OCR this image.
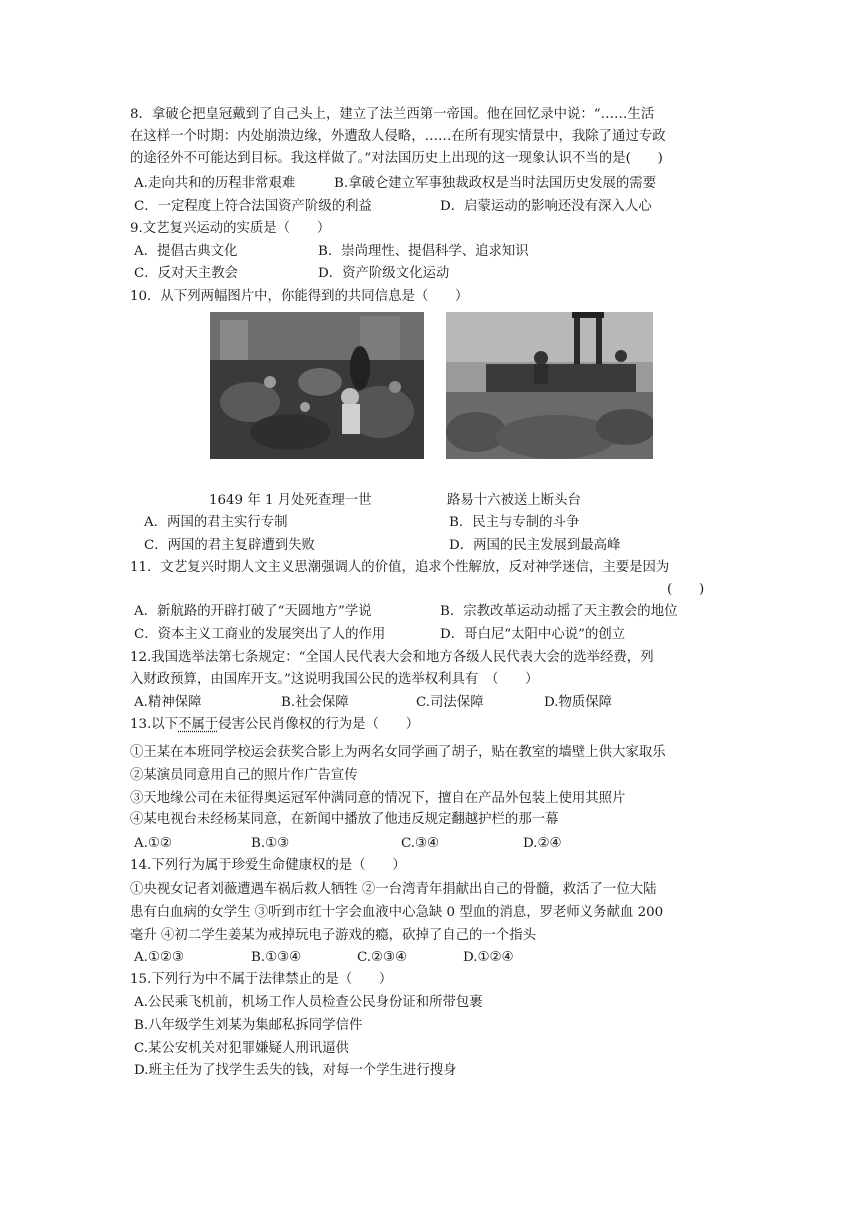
8．拿破仑把皇冠戴到了自己头上，建立了法兰西第一帝国。他在回忆录中说：“……生活
在这样一个时期：内处崩溃边缘，外遭敌人侵略，……在所有现实情景中，我除了通过专政
的途径外不可能达到目标。我这样做了。”对法国历史上出现的这一现象认识不当的是(　　)
A.走向共和的历程非常艰难	B.拿破仑建立军事独裁政权是当时法国历史发展的需要
C．一定程度上符合法国资产阶级的利益	D．启蒙运动的影响还没有深入人心
9.文艺复兴运动的实质是（　　）
A．提倡古典文化	B．崇尚理性、提倡科学、追求知识
C．反对天主教会	D．资产阶级文化运动
10．从下列两幅图片中，你能得到的共同信息是（　　）
1649 年 1 月处死查理一世	路易十六被送上断头台
A．两国的君主实行专制	B．民主与专制的斗争
C．两国的君主复辟遭到失败	D．两国的民主发展到最高峰
11．文艺复兴时期人文主义思潮强调人的价值，追求个性解放，反对神学迷信，主要是因为
(　　)
A．新航路的开辟打破了“天圆地方”学说	B．宗教改革运动动摇了天主教会的地位
C．资本主义工商业的发展突出了人的作用	D．哥白尼“太阳中心说”的创立
12.我国选举法第七条规定：“全国人民代表大会和地方各级人民代表大会的选举经费，列
入财政预算，由国库开支。”这说明我国公民的选举权利具有　（　　）
A.精神保障	B.社会保障	C.司法保障	D.物质保障
13.以下不属于侵害公民肖像权的行为是（　　）
①王某在本班同学校运会获奖合影上为两名女同学画了胡子，贴在教室的墙壁上供大家取乐
②某演员同意用自己的照片作广告宣传
③天地缘公司在未征得奥运冠军仲满同意的情况下，擅自在产品外包装上使用其照片
④某电视台未经杨某同意，在新闻中播放了他违反规定翻越护栏的那一幕
A.①②	B.①③	C.③④	D.②④
14.下列行为属于珍爱生命健康权的是（　　）
①央视女记者刘薇遭遇车祸后救人牺牲 ②一台湾青年捐献出自己的骨髓，救活了一位大陆
患有白血病的女学生 ③听到市红十字会血液中心急缺 0 型血的消息，罗老师义务献血 200
毫升 ④初二学生姜某为戒掉玩电子游戏的瘾，砍掉了自己的一个指头
A.①②③	B.①③④	C.②③④	D.①②④
15.下列行为中不属于法律禁止的是（　　）
A.公民乘飞机前，机场工作人员检查公民身份证和所带包裹
B.八年级学生刘某为集邮私拆同学信件
C.某公安机关对犯罪嫌疑人刑讯逼供
D.班主任为了找学生丢失的钱，对每一个学生进行搜身
